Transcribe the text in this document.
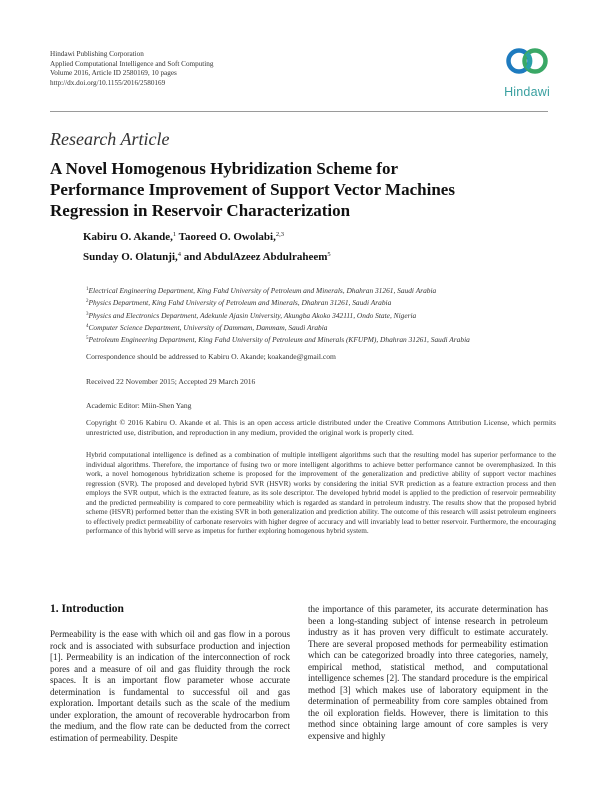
Hindawi Publishing Corporation
Applied Computational Intelligence and Soft Computing
Volume 2016, Article ID 2580169, 10 pages
http://dx.doi.org/10.1155/2016/2580169
Hindawi
Research Article
A Novel Homogenous Hybridization Scheme for
Performance Improvement of Support Vector Machines
Regression in Reservoir Characterization
Kabiru O. Akande,$^1$ Taoreed O. Owolabi,$^{2,3}$
Sunday O. Olatunji,$^4$ and AbdulAzeez Abdulraheem$^5$
$^1$Electrical Engineering Department, King Fahd University of Petroleum and Minerals, Dhahran 31261, Saudi Arabia
$^2$Physics Department, King Fahd University of Petroleum and Minerals, Dhahran 31261, Saudi Arabia
$^3$Physics and Electronics Department, Adekunle Ajasin University, Akungba Akoko 342111, Ondo State, Nigeria
$^4$Computer Science Department, University of Dammam, Dammam, Saudi Arabia
$^5$Petroleum Engineering Department, King Fahd University of Petroleum and Minerals (KFUPM), Dhahran 31261, Saudi Arabia
Correspondence should be addressed to Kabiru O. Akande; koakande@gmail.com
Received 22 November 2015; Accepted 29 March 2016
Academic Editor: Miin-Shen Yang
Copyright © 2016 Kabiru O. Akande et al. This is an open access article distributed under the Creative Commons Attribution License, which permits unrestricted use, distribution, and reproduction in any medium, provided the original work is properly cited.
Hybrid computational intelligence is defined as a combination of multiple intelligent algorithms such that the resulting model has superior performance to the individual algorithms. Therefore, the importance of fusing two or more intelligent algorithms to achieve better performance cannot be overemphasized. In this work, a novel homogenous hybridization scheme is proposed for the improvement of the generalization and predictive ability of support vector machines regression (SVR). The proposed and developed hybrid SVR (HSVR) works by considering the initial SVR prediction as a feature extraction process and then employs the SVR output, which is the extracted feature, as its sole descriptor. The developed hybrid model is applied to the prediction of reservoir permeability and the predicted permeability is compared to core permeability which is regarded as standard in petroleum industry. The results show that the proposed hybrid scheme (HSVR) performed better than the existing SVR in both generalization and prediction ability. The outcome of this research will assist petroleum engineers to effectively predict permeability of carbonate reservoirs with higher degree of accuracy and will invariably lead to better reservoir. Furthermore, the encouraging performance of this hybrid will serve as impetus for further exploring homogenous hybrid system.
1. Introduction

Permeability is the ease with which oil and gas flow in a porous rock and is associated with subsurface production and injection [1]. Permeability is an indication of the interconnection of rock pores and a measure of oil and gas fluidity through the rock spaces. It is an important flow parameter whose accurate determination is fundamental to successful oil and gas exploration. Important details such as the scale of the medium under exploration, the amount of recoverable hydrocarbon from the medium, and the flow rate can be deducted from the correct estimation of permeability. Despite

the importance of this parameter, its accurate determination has been a long-standing subject of intense research in petroleum industry as it has proven very difficult to estimate accurately. There are several proposed methods for permeability estimation which can be categorized broadly into three categories, namely, empirical method, statistical method, and computational intelligence schemes [2]. The standard procedure is the empirical method [3] which makes use of laboratory equipment in the determination of permeability from core samples obtained from the oil exploration fields. However, there is limitation to this method since obtaining large amount of core samples is very expensive and highly
